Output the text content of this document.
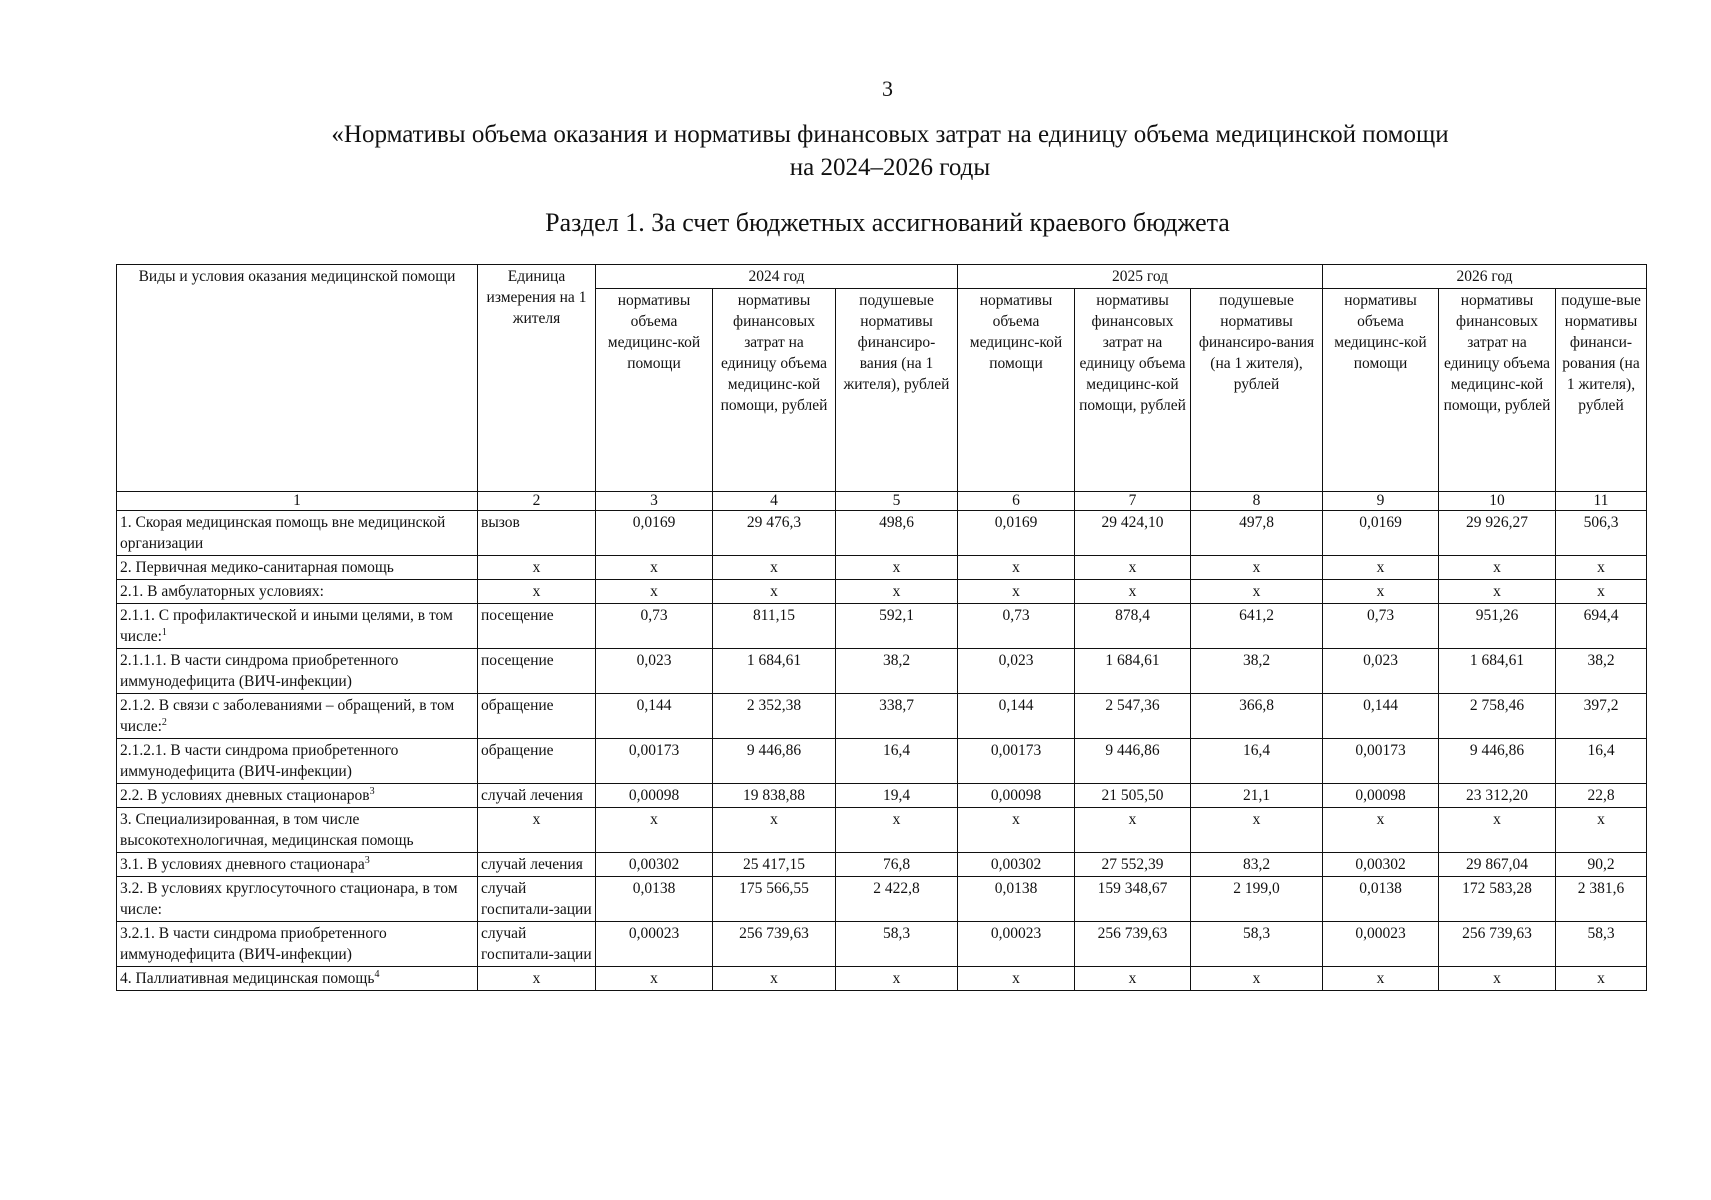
3
«Нормативы объема оказания и нормативы финансовых затрат на единицу объема медицинской помощи
на 2024–2026 годы
Раздел 1. За счет бюджетных ассигнований краевого бюджета
Виды и условия оказания медицинской помощи	Единица измерения на 1 жителя	2024 год			2025 год			2026 год		
		нормативы объема медицинс-кой помощи	нормативы финансовых затрат на единицу объема медицинс-кой помощи, рублей	подушевые нормативы финансиро-вания (на 1 жителя), рублей	нормативы объема медицинс-кой помощи	нормативы финансовых затрат на единицу объема медицинс-кой помощи, рублей	подушевые нормативы финансиро-вания (на 1 жителя), рублей	нормативы объема медицинс-кой помощи	нормативы финансовых затрат на единицу объема медицинс-кой помощи, рублей	подуше-вые нормативы финанси-рования (на 1 жителя), рублей
1	2	3	4	5	6	7	8	9	10	11
1. Скорая медицинская помощь вне медицинской организации	вызов	0,0169	29 476,3	498,6	0,0169	29 424,10	497,8	0,0169	29 926,27	506,3
2. Первичная медико-санитарная помощь	х	х	х	х	х	х	х	х	х	х
2.1. В амбулаторных условиях:	х	х	х	х	х	х	х	х	х	х
2.1.1. С профилактической и иными целями, в том числе:$^1$	посещение	0,73	811,15	592,1	0,73	878,4	641,2	0,73	951,26	694,4
2.1.1.1. В части синдрома приобретенного иммунодефицита (ВИЧ-инфекции)	посещение	0,023	1 684,61	38,2	0,023	1 684,61	38,2	0,023	1 684,61	38,2
2.1.2. В связи с заболеваниями – обращений, в том числе:$^2$	обращение	0,144	2 352,38	338,7	0,144	2 547,36	366,8	0,144	2 758,46	397,2
2.1.2.1. В части синдрома приобретенного иммунодефицита (ВИЧ-инфекции)	обращение	0,00173	9 446,86	16,4	0,00173	9 446,86	16,4	0,00173	9 446,86	16,4
2.2. В условиях дневных стационаров$^3$	случай лечения	0,00098	19 838,88	19,4	0,00098	21 505,50	21,1	0,00098	23 312,20	22,8
3. Специализированная, в том числе высокотехнологичная, медицинская помощь	х	х	х	х	х	х	х	х	х	х
3.1. В условиях дневного стационара$^3$	случай лечения	0,00302	25 417,15	76,8	0,00302	27 552,39	83,2	0,00302	29 867,04	90,2
3.2. В условиях круглосуточного стационара, в том числе:	случай госпитали-зации	0,0138	175 566,55	2 422,8	0,0138	159 348,67	2 199,0	0,0138	172 583,28	2 381,6
3.2.1. В части синдрома приобретенного иммунодефицита (ВИЧ-инфекции)	случай госпитали-зации	0,00023	256 739,63	58,3	0,00023	256 739,63	58,3	0,00023	256 739,63	58,3
4. Паллиативная медицинская помощь$^4$	х	х	х	х	х	х	х	х	х	х
